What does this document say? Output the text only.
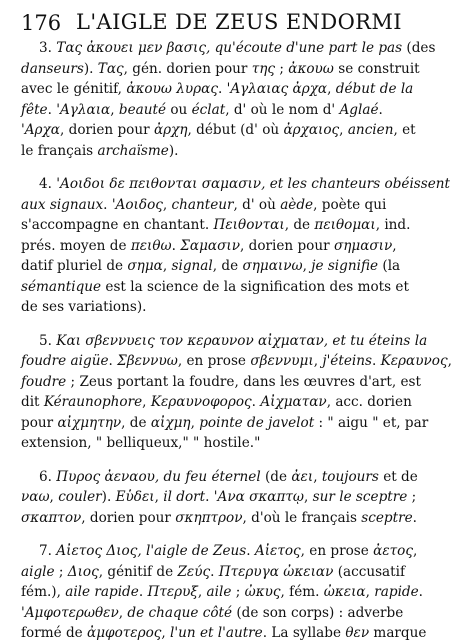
176 L'AIGLE DE ZEUS ENDORMI

3. Τας ἀκουει μεν βασις, qu'écoute d'une part le pas (des
danseurs). Τας, gén. dorien pour της ; ἀκουω se construit
avec le génitif, ἀκουω λυρας. 'Αγλαιας ἀρχα, début de la
fête. 'Αγλαια, beauté ou éclat, d' où le nom d' Aglaé.
'Αρχα, dorien pour ἀρχη, début (d' où ἀρχαιος, ancien, et
le français archaïsme).

4. 'Αοιδοι δε πειθονται σαμασιν, et les chanteurs obéissent
aux signaux. 'Αοιδος, chanteur, d' où aède, poète qui
s'accompagne en chantant. Πειθονται, de πειθομαι, ind.
prés. moyen de πειθω. Σαμασιν, dorien pour σημασιν,
datif pluriel de σημα, signal, de σημαινω, je signifie (la
sémantique est la science de la signification des mots et
de ses variations).

5. Και σβεννυεις τον κεραυνον αἰχματαν, et tu éteins la
foudre aigüe. Σβεννυω, en prose σβεννυμι, j'éteins. Κεραυνος,
foudre ; Zeus portant la foudre, dans les œuvres d'art, est
dit Kéraunophore, Κεραυνοφορος. Αἰχματαν, acc. dorien
pour αἰχμητην, de αἰχμη, pointe de javelot : " aigu " et, par
extension, " belliqueux," " hostile."

6. Πυρος ἀεναου, du feu éternel (de ἀει, toujours et de
ναω, couler). Εὑδει, il dort. 'Ανα σκαπτῳ, sur le sceptre ;
σκαπτον, dorien pour σκηπτρον, d'où le français sceptre.

7. Αἰετος Διος, l'aigle de Zeus. Αἰετος, en prose ἀετος,
aigle ; Διος, génitif de Zεύς. Πτερυγα ὠκειαν (accusatif
fém.), aile rapide. Πτερυξ, aile ; ὠκυς, fém. ὠκεια, rapide.
'Αμφοτερωθεν, de chaque côté (de son corps) : adverbe
formé de ἀμφοτερος, l'un et l'autre. La syllabe θεν marque
